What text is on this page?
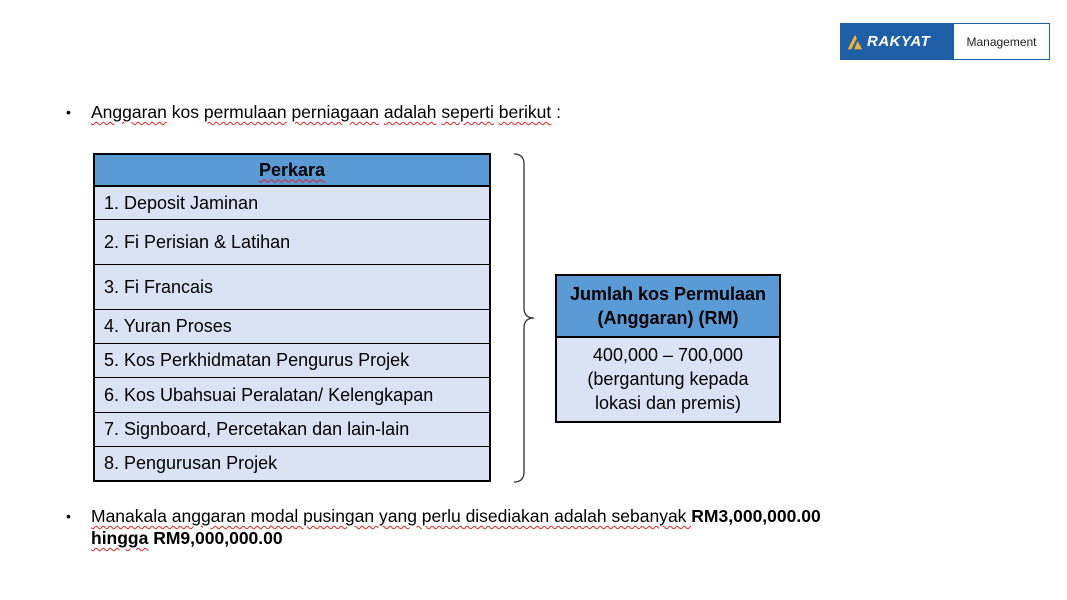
RAKYAT	Management
• Anggaran kos permulaan perniagaan adalah seperti berikut :
Perkara
1. Deposit Jaminan
2. Fi Perisian & Latihan
3. Fi Francais
4. Yuran Proses
5. Kos Perkhidmatan Pengurus Projek
6. Kos Ubahsuai Peralatan/ Kelengkapan
7. Signboard, Percetakan dan lain-lain
8. Pengurusan Projek
Jumlah kos Permulaan
(Anggaran) (RM)
400,000 – 700,000
(bergantung kepada
lokasi dan premis)
• Manakala anggaran modal pusingan yang perlu disediakan adalah sebanyak RM3,000,000.00
hingga RM9,000,000.00
